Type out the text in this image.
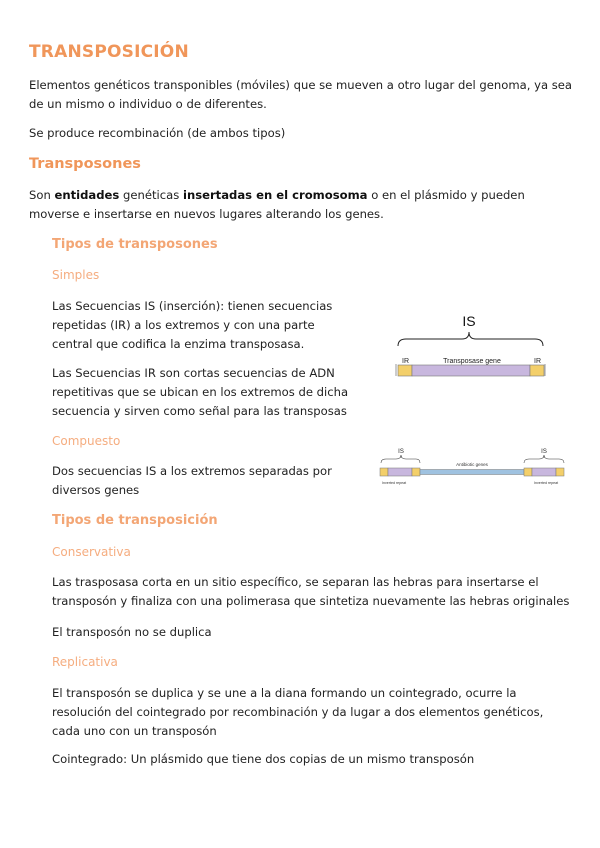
TRANSPOSICIÓN
Elementos genéticos transponibles (móviles) que se mueven a otro lugar del genoma, ya sea de un mismo o individuo o de diferentes.
Se produce recombinación (de ambos tipos)
Transposones
Son entidades genéticas insertadas en el cromosoma o en el plásmido y pueden moverse e insertarse en nuevos lugares alterando los genes.
Tipos de transposones
Simples
Las Secuencias IS (inserción): tienen secuencias repetidas (IR) a los extremos y con una parte central que codifica la enzima transposasa.
Las Secuencias IR son cortas secuencias de ADN repetitivas que se ubican en los extremos de dicha secuencia y sirven como señal para las transposas
Compuesto
Dos secuencias IS a los extremos separadas por diversos genes
IS
IR	Transposase gene	IR
IS	IS
Antibiotic genes
Inverted repeat	Inverted repeat
Tipos de transposición
Conservativa
Las trasposasa corta en un sitio específico, se separan las hebras para insertarse el transposón y finaliza con una polimerasa que sintetiza nuevamente las hebras originales
El transposón no se duplica
Replicativa
El transposón se duplica y se une a la diana formando un cointegrado, ocurre la resolución del cointegrado por recombinación y da lugar a dos elementos genéticos, cada uno con un transposón
Cointegrado: Un plásmido que tiene dos copias de un mismo transposón
